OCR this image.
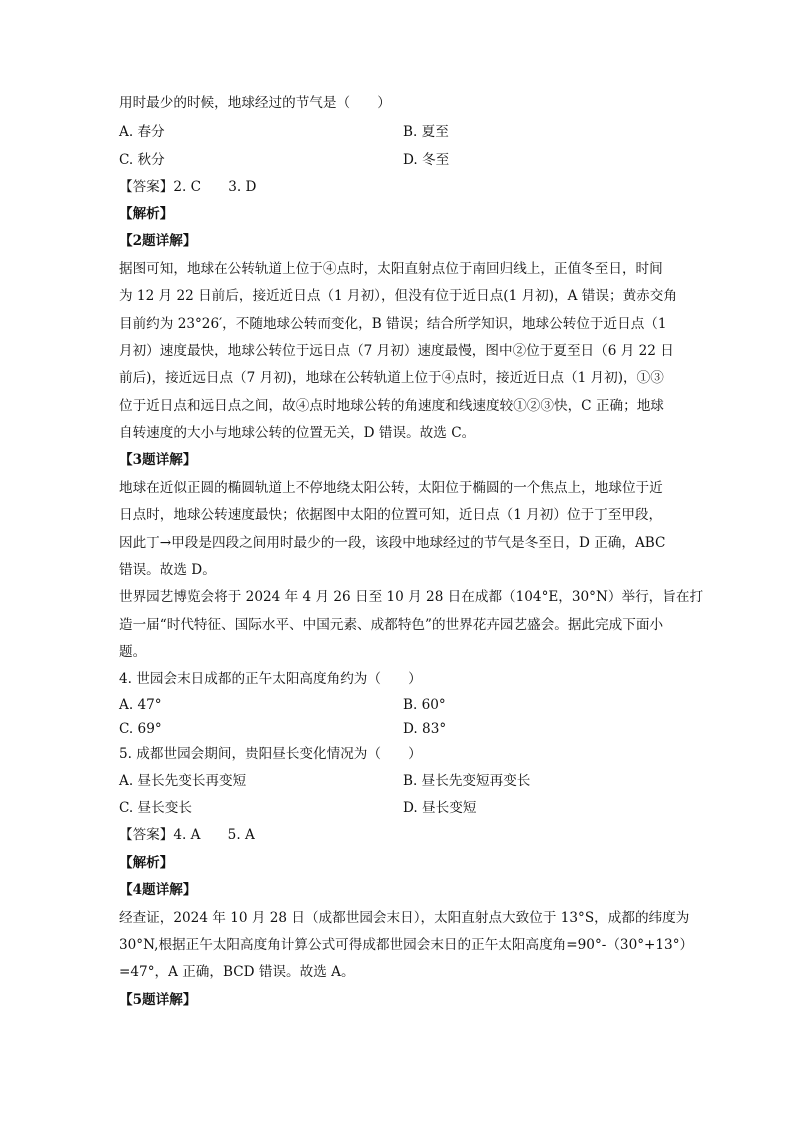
用时最少的时候，地球经过的节气是（　　）
A. 春分	B. 夏至
C. 秋分	D. 冬至
【答案】2. C　　3. D
【解析】
【2题详解】
据图可知，地球在公转轨道上位于④点时，太阳直射点位于南回归线上，正值冬至日，时间
为 12 月 22 日前后，接近近日点（1 月初），但没有位于近日点(1 月初)，A 错误；黄赤交角
目前约为 23°26′，不随地球公转而变化，B 错误；结合所学知识，地球公转位于近日点（1
月初）速度最快，地球公转位于远日点（7 月初）速度最慢，图中②位于夏至日（6 月 22 日
前后)，接近远日点（7 月初)，地球在公转轨道上位于④点时，接近近日点（1 月初)，①③
位于近日点和远日点之间，故④点时地球公转的角速度和线速度较①②③快，C 正确；地球
自转速度的大小与地球公转的位置无关，D 错误。故选 C。
【3题详解】
地球在近似正圆的椭圆轨道上不停地绕太阳公转，太阳位于椭圆的一个焦点上，地球位于近
日点时，地球公转速度最快；依据图中太阳的位置可知，近日点（1 月初）位于丁至甲段，
因此丁→甲段是四段之间用时最少的一段，该段中地球经过的节气是冬至日，D 正确，ABC
错误。故选 D。
世界园艺博览会将于 2024 年 4 月 26 日至 10 月 28 日在成都（104°E，30°N）举行，旨在打
造一届“时代特征、国际水平、中国元素、成都特色”的世界花卉园艺盛会。据此完成下面小
题。
4. 世园会末日成都的正午太阳高度角约为（　　）
A. 47°	B. 60°
C. 69°	D. 83°
5. 成都世园会期间，贵阳昼长变化情况为（　　）
A. 昼长先变长再变短	B. 昼长先变短再变长
C. 昼长变长	D. 昼长变短
【答案】4. A　　5. A
【解析】
【4题详解】
经查证，2024 年 10 月 28 日（成都世园会末日），太阳直射点大致位于 13°S，成都的纬度为
30°N,根据正午太阳高度角计算公式可得成都世园会末日的正午太阳高度角=90°-（30°+13°）
=47°，A 正确，BCD 错误。故选 A。
【5题详解】
